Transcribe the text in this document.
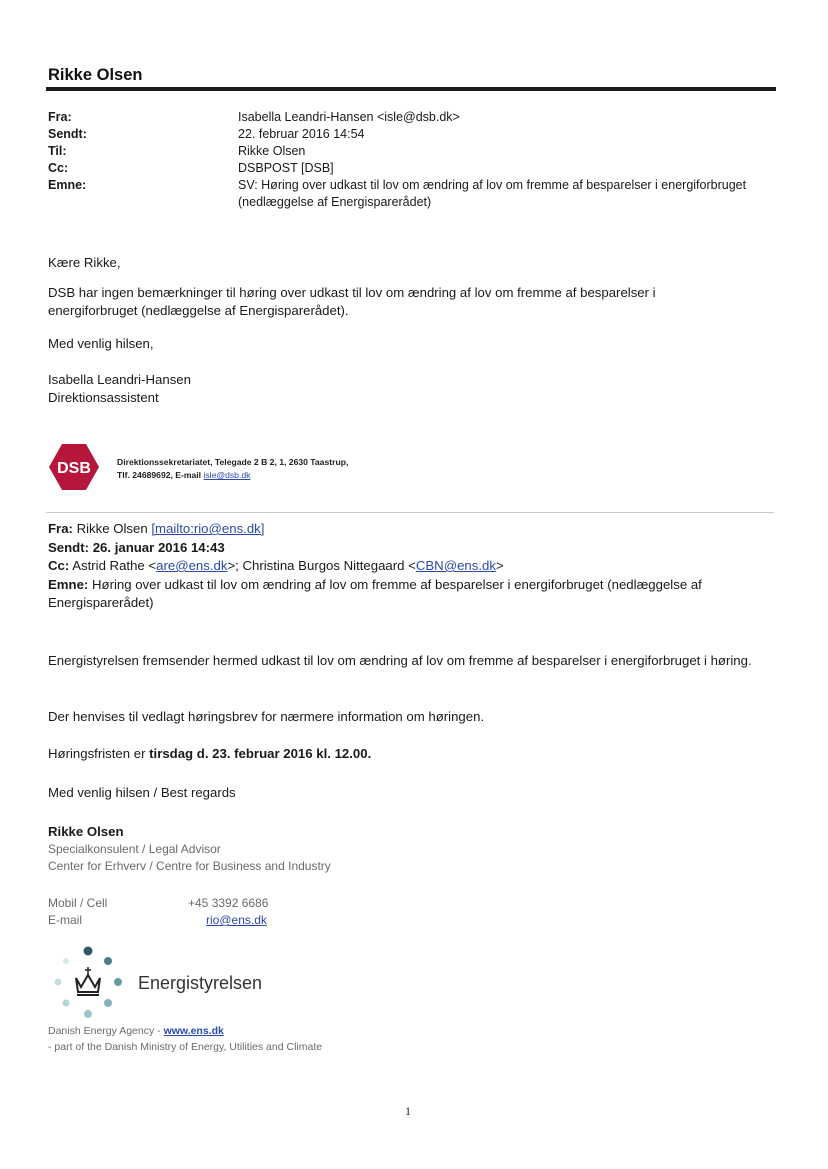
Rikke Olsen
Fra:	Isabella Leandri-Hansen <isle@dsb.dk>
Sendt:	22. februar 2016 14:54
Til:	Rikke Olsen
Cc:	DSBPOST [DSB]
Emne:	SV: Høring over udkast til lov om ændring af lov om fremme af besparelser i energiforbruget (nedlæggelse af Energisparerådet)
Kære Rikke,
DSB har ingen bemærkninger til høring over udkast til lov om ændring af lov om fremme af besparelser i energiforbruget (nedlæggelse af Energisparerådet).
Med venlig hilsen,
Isabella Leandri-Hansen
Direktionsassistent
DSB	Direktionssekretariatet, Telegade 2 B 2, 1, 2630 Taastrup,
Tlf. 24689692, E-mail isle@dsb.dk
Fra: Rikke Olsen [mailto:rio@ens.dk]
Sendt: 26. januar 2016 14:43
Cc: Astrid Rathe <are@ens.dk>; Christina Burgos Nittegaard <CBN@ens.dk>
Emne: Høring over udkast til lov om ændring af lov om fremme af besparelser i energiforbruget (nedlæggelse af Energisparerådet)
Energistyrelsen fremsender hermed udkast til lov om ændring af lov om fremme af besparelser i energiforbruget i høring.
Der henvises til vedlagt høringsbrev for nærmere information om høringen.
Høringsfristen er tirsdag d. 23. februar 2016 kl. 12.00.
Med venlig hilsen / Best regards
Rikke Olsen
Specialkonsulent / Legal Advisor
Center for Erhverv / Centre for Business and Industry
Mobil / Cell	+45 3392 6686
E-mail	rio@ens.dk
Energistyrelsen
Danish Energy Agency - www.ens.dk
- part of the Danish Ministry of Energy, Utilities and Climate
1
